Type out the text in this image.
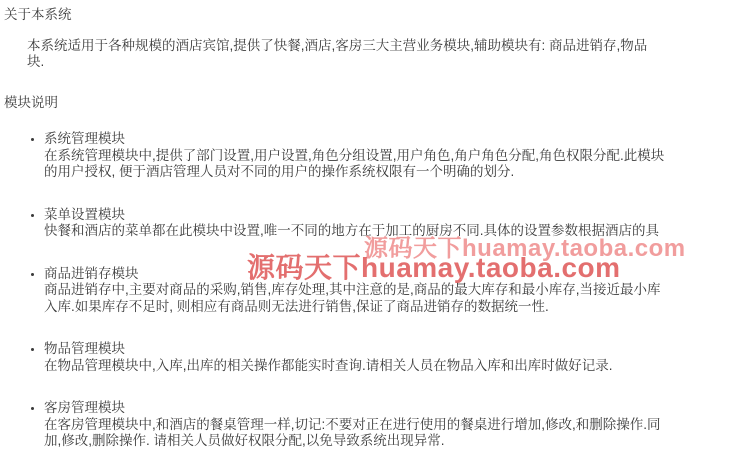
关于本系统
本系统适用于各种规模的酒店宾馆,提供了快餐,酒店,客房三大主营业务模块,辅助模块有: 商品进销存,物品
块.
模块说明
• 系统管理模块
在系统管理模块中,提供了部门设置,用户设置,角色分组设置,用户角色,角户角色分配,角色权限分配.此模块
的用户授权, 便于酒店管理人员对不同的用户的操作系统权限有一个明确的划分.
• 菜单设置模块
快餐和酒店的菜单都在此模块中设置,唯一不同的地方在于加工的厨房不同.具体的设置参数根据酒店的具
• 商品进销存模块
商品进销存中,主要对商品的采购,销售,库存处理,其中注意的是,商品的最大库存和最小库存,当接近最小库
入库.如果库存不足时, 则相应有商品则无法进行销售,保证了商品进销存的数据统一性.
• 物品管理模块
在物品管理模块中,入库,出库的相关操作都能实时查询.请相关人员在物品入库和出库时做好记录.
• 客房管理模块
在客房管理模块中,和酒店的餐桌管理一样,切记:不要对正在进行使用的餐桌进行增加,修改,和删除操作.同
加,修改,删除操作. 请相关人员做好权限分配,以免导致系统出现异常.
源码天下huamay.taoba.com
源码天下huamay.taoba.com
